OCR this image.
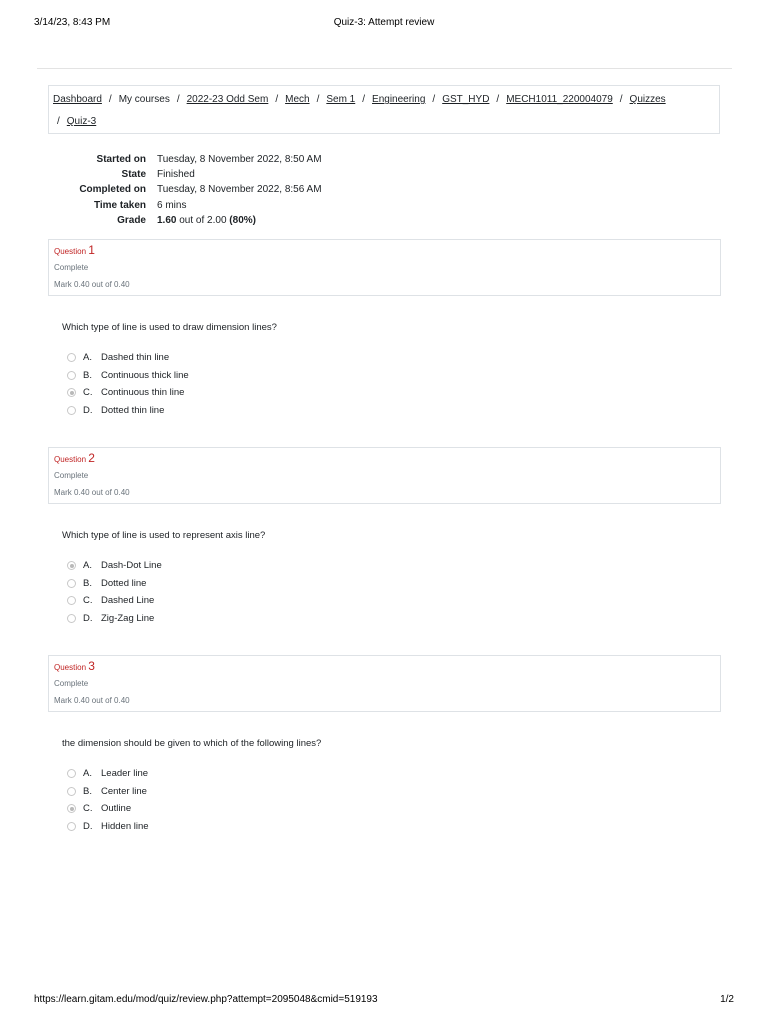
3/14/23, 8:43 PM	Quiz-3: Attempt review
Dashboard / My courses / 2022-23 Odd Sem / Mech / Sem 1 / Engineering / GST_HYD / MECH1011_220004079 / Quizzes
/ Quiz-3
Started on Tuesday, 8 November 2022, 8:50 AM
State Finished
Completed on Tuesday, 8 November 2022, 8:56 AM
Time taken 6 mins
Grade 1.60 out of 2.00 (80%)
Question 1
Complete
Mark 0.40 out of 0.40
Which type of line is used to draw dimension lines?
A. Dashed thin line
B. Continuous thick line
C. Continuous thin line
D. Dotted thin line
Question 2
Complete
Mark 0.40 out of 0.40
Which type of line is used to represent axis line?
A. Dash-Dot Line
B. Dotted line
C. Dashed Line
D. Zig-Zag Line
Question 3
Complete
Mark 0.40 out of 0.40
the dimension should be given to which of the following lines?
A. Leader line
B. Center line
C. Outline
D. Hidden line
https://learn.gitam.edu/mod/quiz/review.php?attempt=2095048&cmid=519193	1/2
